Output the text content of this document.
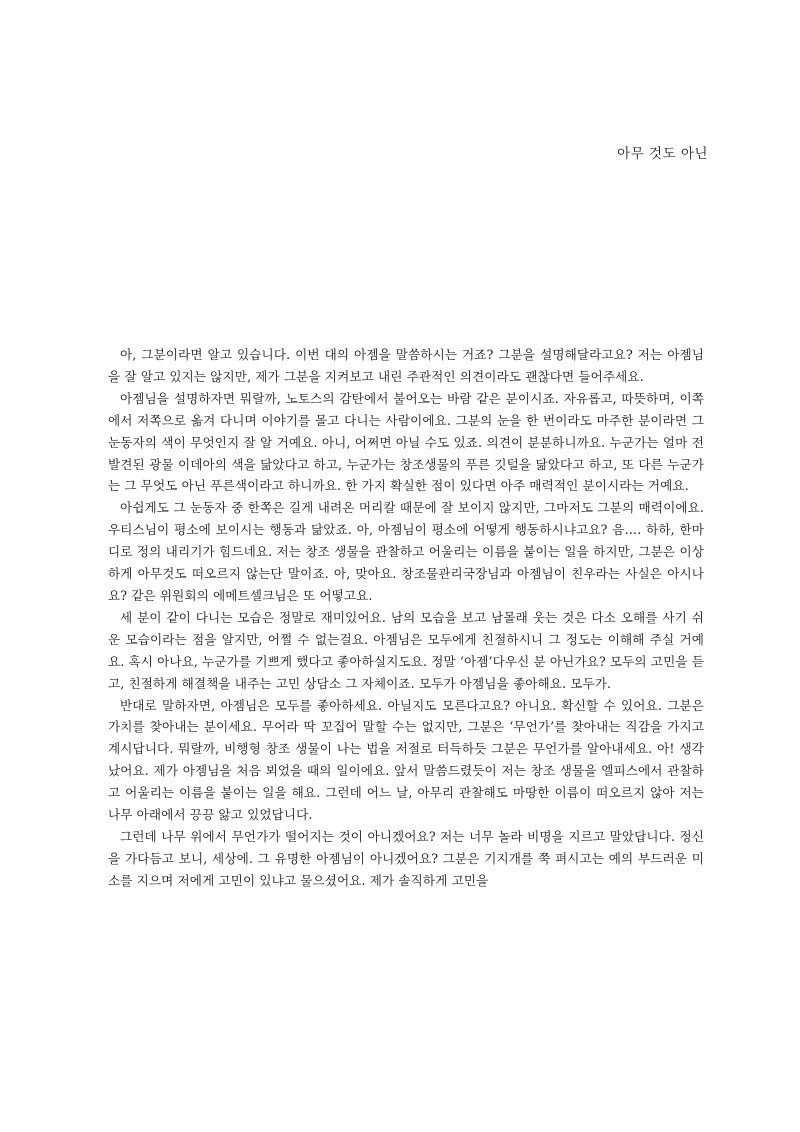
아무 것도 아닌

아, 그분이라면 알고 있습니다. 이번 대의 아젬을 말씀하시는 거죠? 그분을 설명해달라고요? 저는 아젬님을 잘 알고 있지는 않지만, 제가 그분을 지켜보고 내린 주관적인 의견이라도 괜찮다면 들어주세요.

아젬님을 설명하자면 뭐랄까, 노토스의 감탄에서 불어오는 바람 같은 분이시죠. 자유롭고, 따뜻하며, 이쪽에서 저쪽으로 옮겨 다니며 이야기를 몰고 다니는 사람이에요. 그분의 눈을 한 번이라도 마주한 분이라면 그 눈동자의 색이 무엇인지 잘 알 거예요. 아니, 어쩌면 아닐 수도 있죠. 의견이 분분하니까요. 누군가는 얼마 전 발견된 광물 이데아의 색을 닮았다고 하고, 누군가는 창조생물의 푸른 깃털을 닮았다고 하고, 또 다른 누군가는 그 무엇도 아닌 푸른색이라고 하니까요. 한 가지 확실한 점이 있다면 아주 매력적인 분이시라는 거예요.

아쉽게도 그 눈동자 중 한쪽은 길게 내려온 머리칼 때문에 잘 보이지 않지만, 그마저도 그분의 매력이에요. 우티스님이 평소에 보이시는 행동과 닮았죠. 아, 아젬님이 평소에 어떻게 행동하시냐고요? 음…. 하하, 한마디로 정의 내리기가 힘드네요. 저는 창조 생물을 관찰하고 어울리는 이름을 붙이는 일을 하지만, 그분은 이상하게 아무것도 떠오르지 않는단 말이죠. 아, 맞아요. 창조물관리국장님과 아젬님이 친우라는 사실은 아시나요? 같은 위원회의 에메트셀크님은 또 어떻고요.

세 분이 같이 다니는 모습은 정말로 재미있어요. 남의 모습을 보고 남몰래 웃는 것은 다소 오해를 사기 쉬운 모습이라는 점을 알지만, 어쩔 수 없는걸요. 아젬님은 모두에게 친절하시니 그 정도는 이해해 주실 거예요. 혹시 아나요, 누군가를 기쁘게 했다고 좋아하실지도요. 정말 ‘아젬’다우신 분 아닌가요? 모두의 고민을 듣고, 친절하게 해결책을 내주는 고민 상담소 그 자체이죠. 모두가 아젬님을 좋아해요. 모두가.

반대로 말하자면, 아젬님은 모두를 좋아하세요. 아닐지도 모른다고요? 아니요. 확신할 수 있어요. 그분은 가치를 찾아내는 분이세요. 무어라 딱 꼬집어 말할 수는 없지만, 그분은 ‘무언가’를 찾아내는 직감을 가지고 계시답니다. 뭐랄까, 비행형 창조 생물이 나는 법을 저절로 터득하듯 그분은 무언가를 알아내세요. 아! 생각났어요. 제가 아젬님을 처음 뵈었을 때의 일이에요. 앞서 말씀드렸듯이 저는 창조 생물을 엘피스에서 관찰하고 어울리는 이름을 붙이는 일을 해요. 그런데 어느 날, 아무리 관찰해도 마땅한 이름이 떠오르지 않아 저는 나무 아래에서 끙끙 앓고 있었답니다.

그런데 나무 위에서 무언가가 떨어지는 것이 아니겠어요? 저는 너무 놀라 비명을 지르고 말았답니다. 정신을 가다듬고 보니, 세상에. 그 유명한 아젬님이 아니겠어요? 그분은 기지개를 쭉 펴시고는 예의 부드러운 미소를 지으며 저에게 고민이 있냐고 물으셨어요. 제가 솔직하게 고민을
